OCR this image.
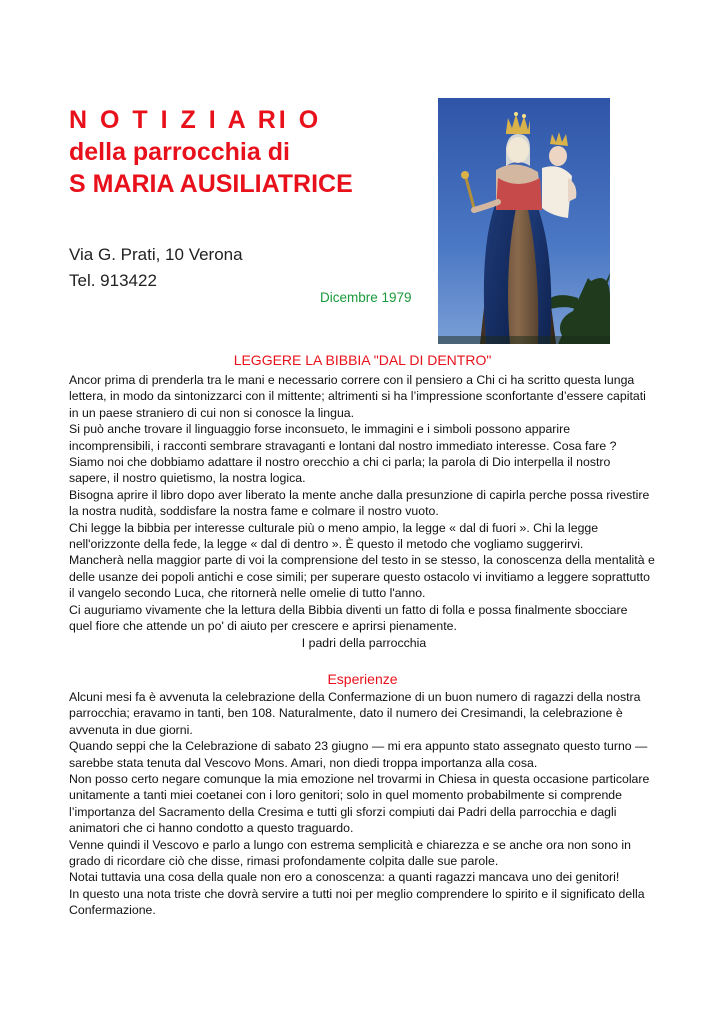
N O T I Z I A RI O
della parrocchia di
S MARIA AUSILIATRICE
Via G. Prati, 10 Verona
Tel. 913422
Dicembre 1979
LEGGERE LA BIBBIA "DAL DI DENTRO"

Ancor prima di prenderla tra le mani e necessario correre con il pensiero a Chi ci ha scritto questa lunga

lettera, in modo da sintonizzarci con il mittente; altrimenti si ha l’impressione sconfortante d’essere capitati

in un paese straniero di cui non si conosce la lingua.

Si può anche trovare il linguaggio forse inconsueto, le immagini e i simboli possono apparire

incomprensibili, i racconti sembrare stravaganti e lontani dal nostro immediato interesse. Cosa fare ?

Siamo noi che dobbiamo adattare il nostro orecchio a chi ci parla; la parola di Dio interpella il nostro

sapere, il nostro quietismo, la nostra logica.

Bisogna aprire il libro dopo aver liberato la mente anche dalla presunzione di capirla perche possa rivestire

la nostra nudità, soddisfare la nostra fame e colmare il nostro vuoto.

Chi legge la bibbia per interesse culturale più o meno ampio, la legge « dal di fuori ». Chi la legge

nell'orizzonte della fede, la legge « dal di dentro ». È questo il metodo che vogliamo suggerirvi.

Mancherà nella maggior parte di voi la comprensione del testo in se stesso, la conoscenza della mentalità e

delle usanze dei popoli antichi e cose simili; per superare questo ostacolo vi invitiamo a leggere soprattutto

il vangelo secondo Luca, che ritornerà nelle omelie di tutto l'anno.

Ci auguriamo vivamente che la lettura della Bibbia diventi un fatto di folla e possa finalmente sbocciare

quel fiore che attende un po' di aiuto per crescere e aprirsi pienamente.

I padri della parrocchia

Esperienze

Alcuni mesi fa è avvenuta la celebrazione della Confermazione di un buon numero di ragazzi della nostra

parrocchia; eravamo in tanti, ben 108. Naturalmente, dato il numero dei Cresimandi, la celebrazione è

avvenuta in due giorni.

Quando seppi che la Celebrazione di sabato 23 giugno — mi era appunto stato assegnato questo turno —

sarebbe stata tenuta dal Vescovo Mons. Amari, non diedi troppa importanza alla cosa.

Non posso certo negare comunque la mia emozione nel trovarmi in Chiesa in questa occasione particolare

unitamente a tanti miei coetanei con i loro genitori; solo in quel momento probabilmente si comprende

l’importanza del Sacramento della Cresima e tutti gli sforzi compiuti dai Padri della parrocchia e dagli

animatori che ci hanno condotto a questo traguardo.

Venne quindi il Vescovo e parlo a lungo con estrema semplicità e chiarezza e se anche ora non sono in

grado di ricordare ciò che disse, rimasi profondamente colpita dalle sue parole.

Notai tuttavia una cosa della quale non ero a conoscenza: a quanti ragazzi mancava uno dei genitori!

In questo una nota triste che dovrà servire a tutti noi per meglio comprendere lo spirito e il significato della

Confermazione.
